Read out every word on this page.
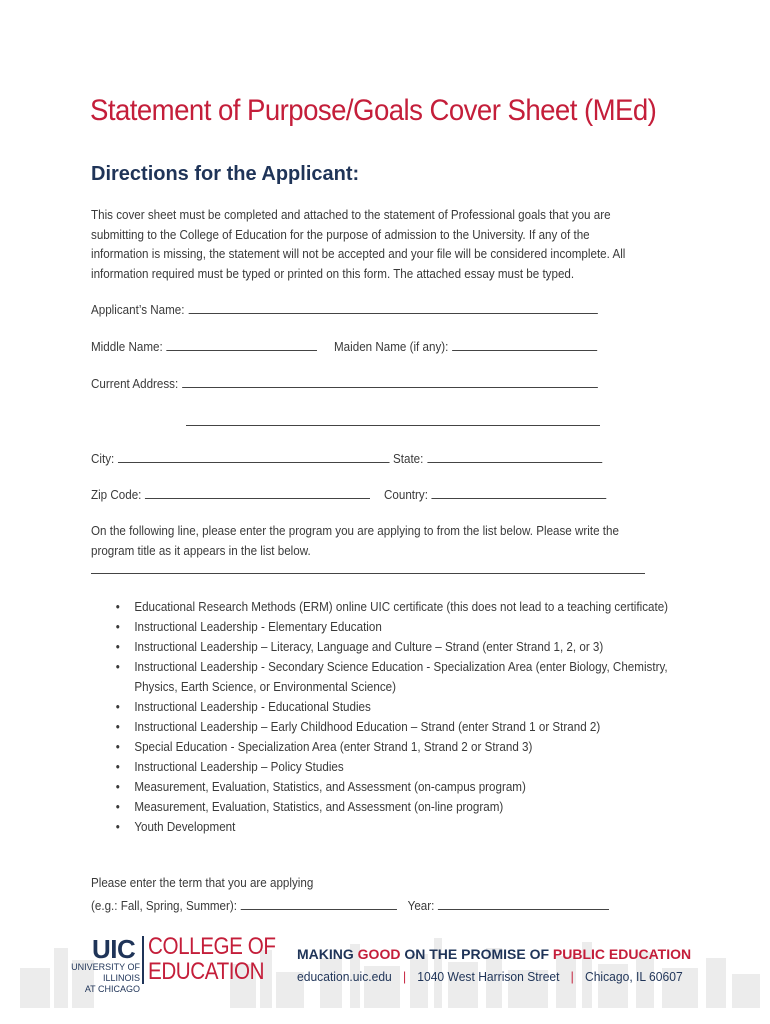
Statement of Purpose/Goals Cover Sheet (MEd)
Directions for the Applicant:

This cover sheet must be completed and attached to the statement of Professional goals that you are submitting to the College of Education for the purpose of admission to the University. If any of the information is missing, the statement will not be accepted and your file will be considered incomplete. All information required must be typed or printed on this form. The attached essay must be typed.

Applicant’s Name:
Middle Name:	Maiden Name (if any):
Current Address:
City:	State:
Zip Code:	Country:

On the following line, please enter the program you are applying to from the list below. Please write the program title as it appears in the list below.

• Educational Research Methods (ERM) online UIC certificate (this does not lead to a teaching certificate)
• Instructional Leadership - Elementary Education
• Instructional Leadership – Literacy, Language and Culture – Strand (enter Strand 1, 2, or 3)
• Instructional Leadership - Secondary Science Education - Specialization Area (enter Biology, Chemistry, Physics, Earth Science, or Environmental Science)
• Instructional Leadership - Educational Studies
• Instructional Leadership – Early Childhood Education – Strand (enter Strand 1 or Strand 2)
• Special Education - Specialization Area (enter Strand 1, Strand 2 or Strand 3)
• Instructional Leadership – Policy Studies
• Measurement, Evaluation, Statistics, and Assessment (on-campus program)
• Measurement, Evaluation, Statistics, and Assessment (on-line program)
• Youth Development
Please enter the term that you are applying
(e.g.: Fall, Spring, Summer):	Year:
UIC
UNIVERSITY OF ILLINOIS
AT CHICAGO
COLLEGE OF
EDUCATION
MAKING GOOD ON THE PROMISE OF PUBLIC EDUCATION
education.uic.edu | 1040 West Harrison Street | Chicago, IL 60607
